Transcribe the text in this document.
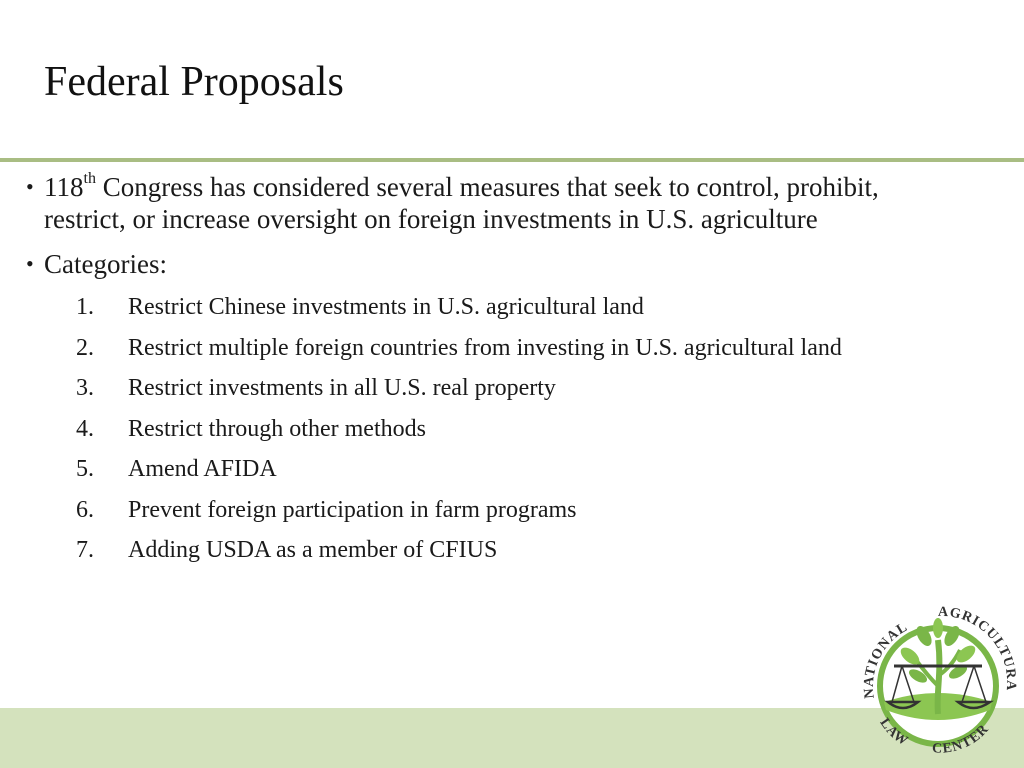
Federal Proposals
• 118th Congress has considered several measures that seek to control, prohibit, restrict, or increase oversight on foreign investments in U.S. agriculture
• Categories:
1. Restrict Chinese investments in U.S. agricultural land
2. Restrict multiple foreign countries from investing in U.S. agricultural land
3. Restrict investments in all U.S. real property
4. Restrict through other methods
5. Amend AFIDA
6. Prevent foreign participation in farm programs
7. Adding USDA as a member of CFIUS
NATIONAL
AGRICULTURA
LAW CENTER
